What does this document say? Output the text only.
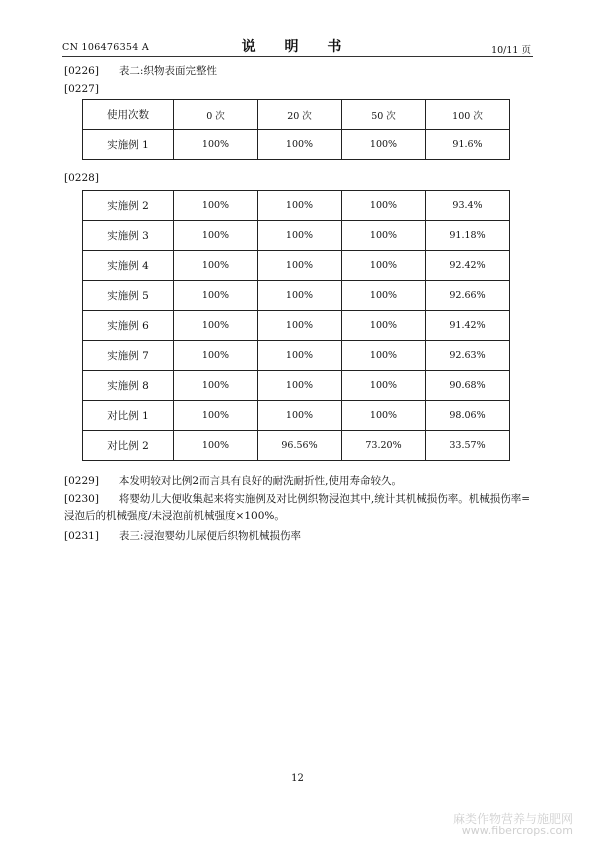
CN 106476354 A	说 明 书	10/11 页
[0226] 表二:织物表面完整性
[0227]
使用次数	0 次	20 次	50 次	100 次
实施例 1	100%	100%	100%	91.6%
[0228]
实施例 2	100%	100%	100%	93.4%
实施例 3	100%	100%	100%	91.18%
实施例 4	100%	100%	100%	92.42%
实施例 5	100%	100%	100%	92.66%
实施例 6	100%	100%	100%	91.42%
实施例 7	100%	100%	100%	92.63%
实施例 8	100%	100%	100%	90.68%
对比例 1	100%	100%	100%	98.06%
对比例 2	100%	96.56%	73.20%	33.57%
[0229] 本发明较对比例2而言具有良好的耐洗耐折性,使用寿命较久。
[0230] 将婴幼儿大便收集起来将实施例及对比例织物浸泡其中,统计其机械损伤率。机械损伤率=浸泡后的机械强度/未浸泡前机械强度×100%。
[0231] 表三:浸泡婴幼儿尿便后织物机械损伤率
12
麻类作物营养与施肥网
www.fibercrops.com
